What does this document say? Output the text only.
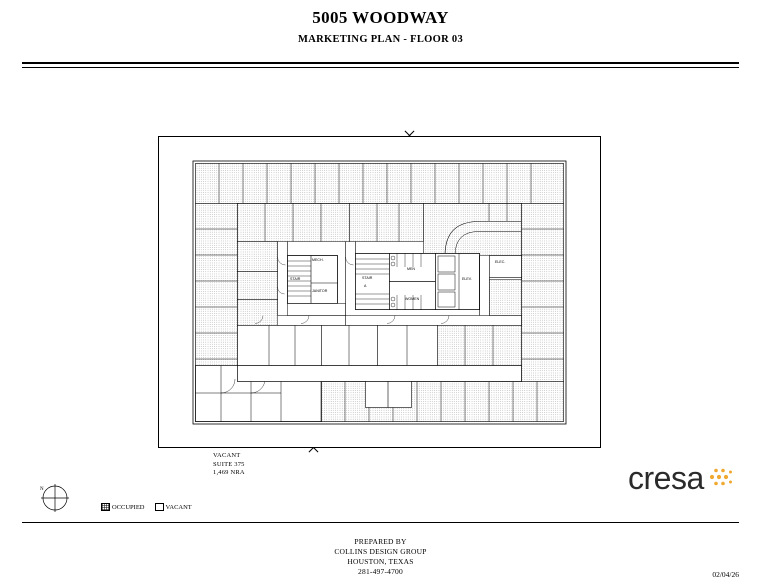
5005 WOODWAY
MARKETING PLAN - FLOOR 03
MECH.
STAIR
JANITOR
STAIR
A
MEN
WOMEN
ELEV.
ELEC.
VACANT
SUITE 375
1,469 NRA
OCCUPIED	VACANT
N	cresa
PREPARED BY
COLLINS DESIGN GROUP
HOUSTON, TEXAS
281-497-4700	02/04/26
